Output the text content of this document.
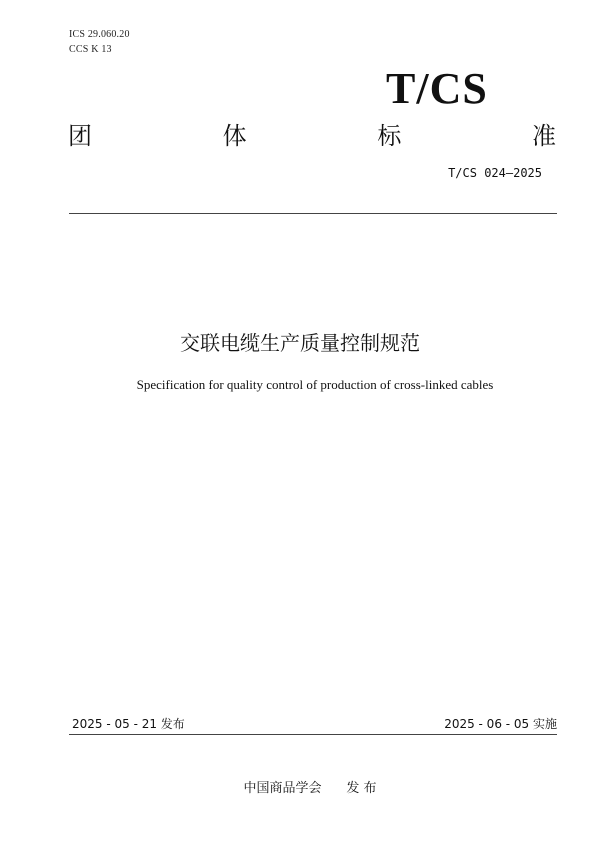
ICS 29.060.20
CCS K 13
T/CS
团	体	标	准
T/CS 024—2025
交联电缆生产质量控制规范
Specification for quality control of production of cross-linked cables
2025 - 05 - 21 发布	2025 - 06 - 05 实施
中国商品学会      发 布
